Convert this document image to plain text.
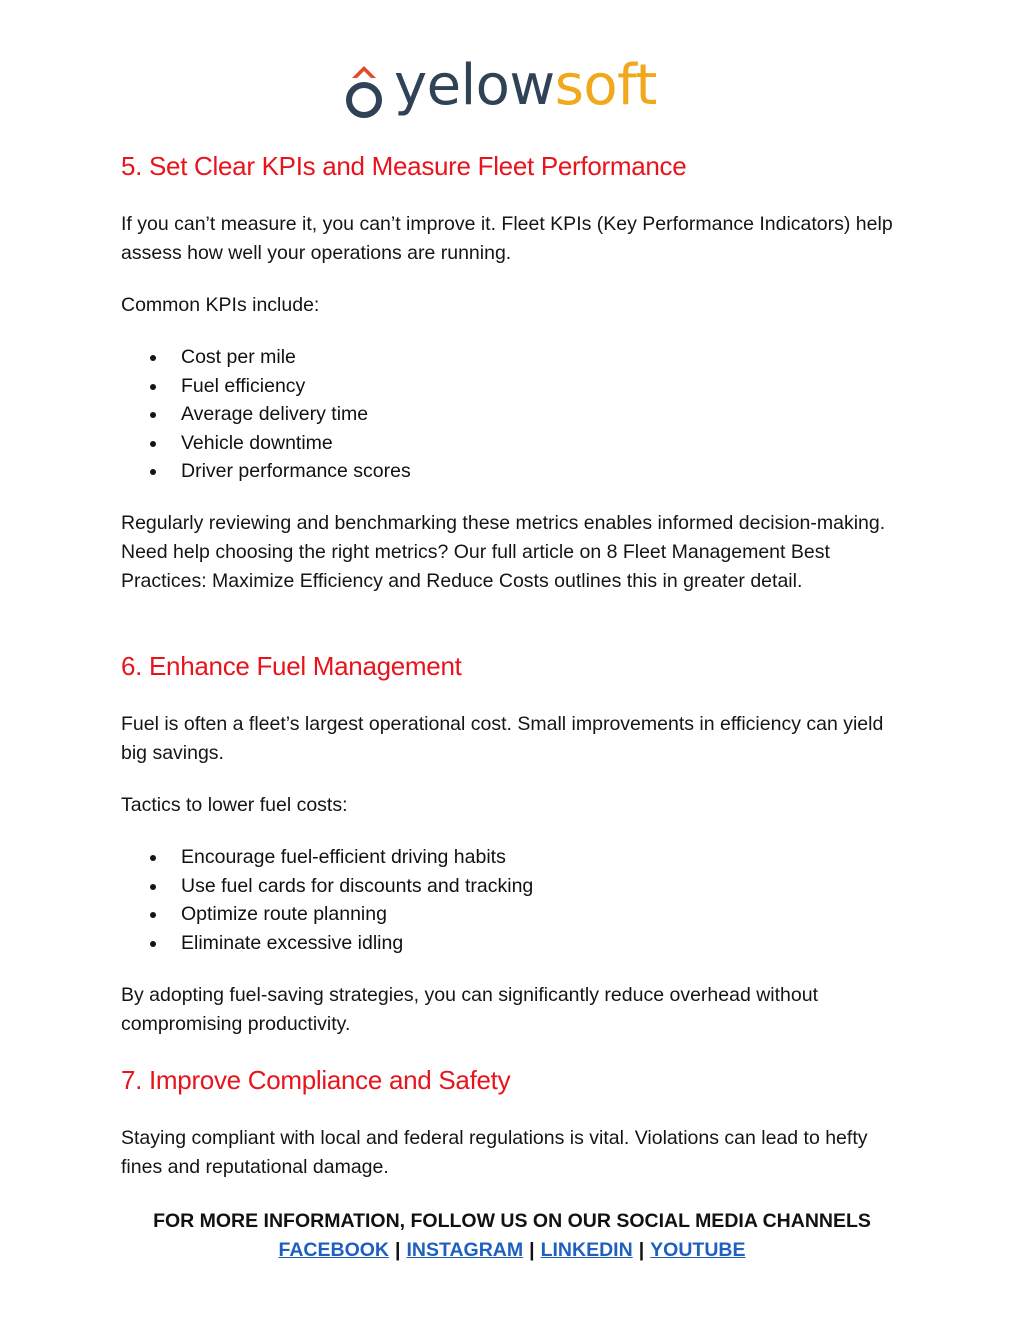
yelowsoft
5. Set Clear KPIs and Measure Fleet Performance

If you can’t measure it, you can’t improve it. Fleet KPIs (Key Performance Indicators) help assess how well your operations are running.

Common KPIs include:

Cost per mile
Fuel efficiency
Average delivery time
Vehicle downtime
Driver performance scores

Regularly reviewing and benchmarking these metrics enables informed decision-making. Need help choosing the right metrics? Our full article on 8 Fleet Management Best Practices: Maximize Efficiency and Reduce Costs outlines this in greater detail.

6. Enhance Fuel Management

Fuel is often a fleet’s largest operational cost. Small improvements in efficiency can yield big savings.

Tactics to lower fuel costs:

Encourage fuel-efficient driving habits
Use fuel cards for discounts and tracking
Optimize route planning
Eliminate excessive idling

By adopting fuel-saving strategies, you can significantly reduce overhead without compromising productivity.

7. Improve Compliance and Safety

Staying compliant with local and federal regulations is vital. Violations can lead to hefty fines and reputational damage.

FOR MORE INFORMATION, FOLLOW US ON OUR SOCIAL MEDIA CHANNELS
FACEBOOK | INSTAGRAM | LINKEDIN | YOUTUBE
